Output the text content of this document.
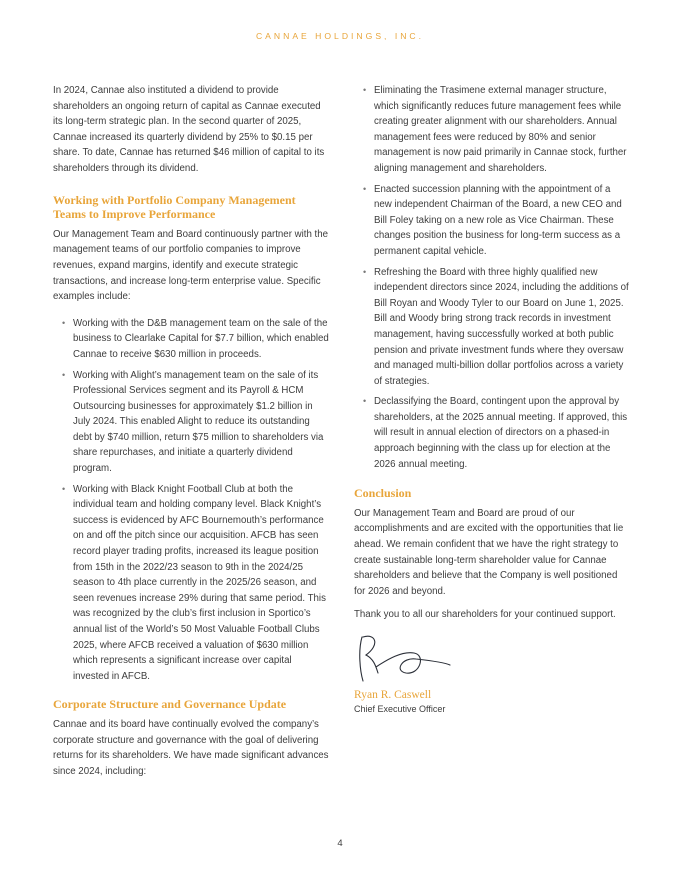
CANNAE HOLDINGS, INC.

In 2024, Cannae also instituted a dividend to provide shareholders an ongoing return of capital as Cannae executed its long-term strategic plan. In the second quarter of 2025, Cannae increased its quarterly dividend by 25% to $0.15 per share. To date, Cannae has returned $46 million of capital to its shareholders through its dividend.

Working with Portfolio Company Management Teams to Improve Performance

Our Management Team and Board continuously partner with the management teams of our portfolio companies to improve revenues, expand margins, identify and execute strategic transactions, and increase long-term enterprise value. Specific examples include:

• Working with the D&B management team on the sale of the business to Clearlake Capital for $7.7 billion, which enabled Cannae to receive $630 million in proceeds.
• Working with Alight’s management team on the sale of its Professional Services segment and its Payroll & HCM Outsourcing businesses for approximately $1.2 billion in July 2024. This enabled Alight to reduce its outstanding debt by $740 million, return $75 million to shareholders via share repurchases, and initiate a quarterly dividend program.
• Working with Black Knight Football Club at both the individual team and holding company level. Black Knight’s success is evidenced by AFC Bournemouth’s performance on and off the pitch since our acquisition. AFCB has seen record player trading profits, increased its league position from 15th in the 2022/23 season to 9th in the 2024/25 season to 4th place currently in the 2025/26 season, and seen revenues increase 29% during that same period. This was recognized by the club’s first inclusion in Sportico’s annual list of the World’s 50 Most Valuable Football Clubs 2025, where AFCB received a valuation of $630 million which represents a significant increase over capital invested in AFCB.
Corporate Structure and Governance Update

Cannae and its board have continually evolved the company’s corporate structure and governance with the goal of delivering returns for its shareholders. We have made significant advances since 2024, including:

• Eliminating the Trasimene external manager structure, which significantly reduces future management fees while creating greater alignment with our shareholders. Annual management fees were reduced by 80% and senior management is now paid primarily in Cannae stock, further aligning management and shareholders.
• Enacted succession planning with the appointment of a new independent Chairman of the Board, a new CEO and Bill Foley taking on a new role as Vice Chairman. These changes position the business for long-term success as a permanent capital vehicle.
• Refreshing the Board with three highly qualified new independent directors since 2024, including the additions of Bill Royan and Woody Tyler to our Board on June 1, 2025. Bill and Woody bring strong track records in investment management, having successfully worked at both public pension and private investment funds where they oversaw and managed multi-billion dollar portfolios across a variety of strategies.
• Declassifying the Board, contingent upon the approval by shareholders, at the 2025 annual meeting. If approved, this will result in annual election of directors on a phased-in approach beginning with the class up for election at the 2026 annual meeting.
Conclusion

Our Management Team and Board are proud of our accomplishments and are excited with the opportunities that lie ahead. We remain confident that we have the right strategy to create sustainable long-term shareholder value for Cannae shareholders and believe that the Company is well positioned for 2026 and beyond.

Thank you to all our shareholders for your continued support.

Ryan R. Caswell
Chief Executive Officer
4
